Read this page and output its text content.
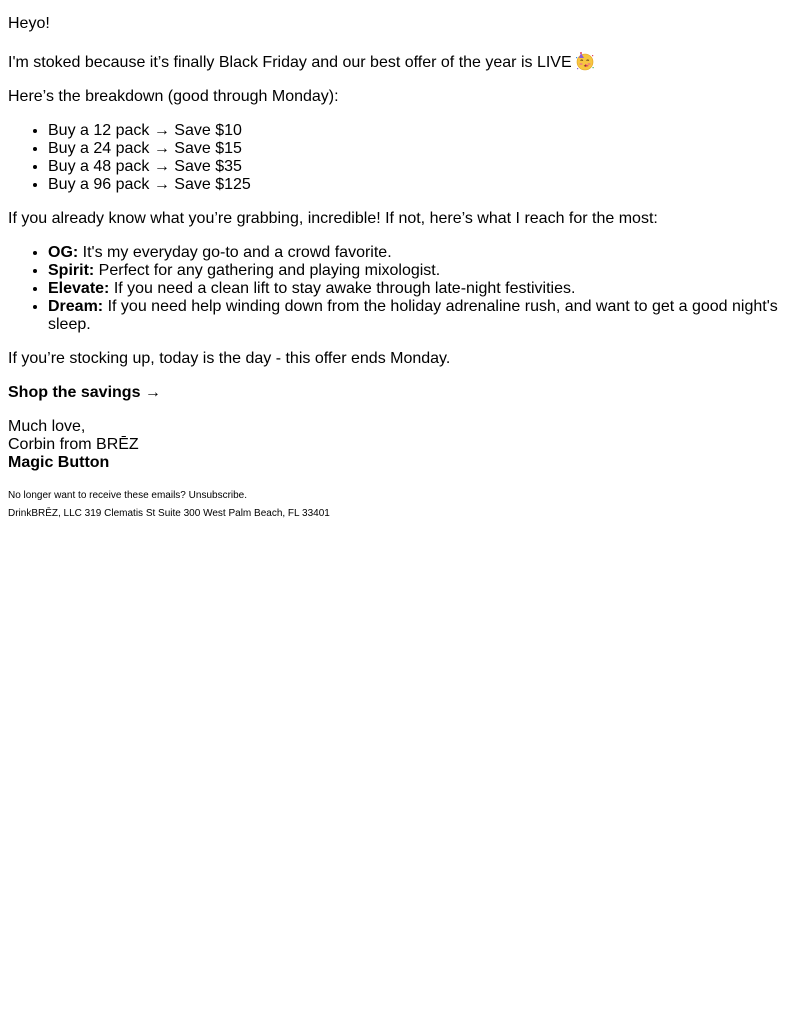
Heyo!

I'm stoked because it’s finally Black Friday and our best offer of the year is LIVE

Here’s the breakdown (good through Monday):

• Buy a 12 pack → Save $10
• Buy a 24 pack → Save $15
• Buy a 48 pack → Save $35
• Buy a 96 pack → Save $125

If you already know what you’re grabbing, incredible! If not, here’s what I reach for the most:

• OG: It's my everyday go-to and a crowd favorite.
• Spirit: Perfect for any gathering and playing mixologist.
• Elevate: If you need a clean lift to stay awake through late-night festivities.
• Dream: If you need help winding down from the holiday adrenaline rush, and want to get a good night's sleep.

If you’re stocking up, today is the day - this offer ends Monday.

Shop the savings →

Much love,
Corbin from BRĒZ
Magic Button

No longer want to receive these emails? Unsubscribe.

DrinkBRĒZ, LLC 319 Clematis St Suite 300 West Palm Beach, FL 33401
